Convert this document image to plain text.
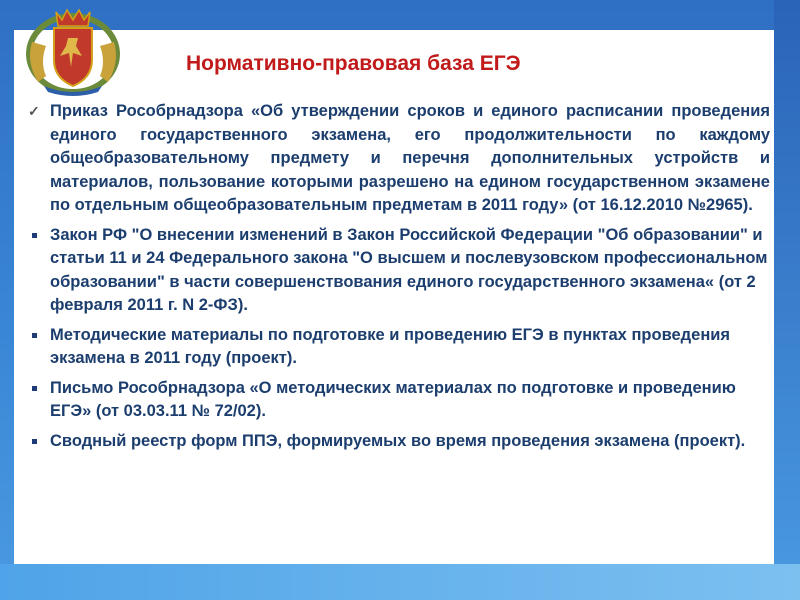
Нормативно-правовая база ЕГЭ
✓ Приказ Рособрнадзора «Об утверждении сроков и единого расписании проведения единого государственного экзамена, его продолжительности по каждому общеобразовательному предмету и перечня дополнительных устройств и материалов, пользование которыми разрешено на едином государственном экзамене по отдельным общеобразовательным предметам в 2011 году» (от 16.12.2010 №2965).
Закон РФ "О внесении изменений в Закон Российской Федерации "Об образовании" и статьи 11 и 24 Федерального закона "О высшем и послевузовском профессиональном образовании" в части совершенствования единого государственного экзамена« (от 2 февраля 2011 г. N 2-ФЗ).
Методические материалы по подготовке и проведению ЕГЭ в пунктах проведения экзамена в 2011 году (проект).
Письмо Рособрнадзора «О методических материалах по подготовке и проведению ЕГЭ» (от 03.03.11 № 72/02).
Сводный реестр форм ППЭ, формируемых во время проведения экзамена (проект).
